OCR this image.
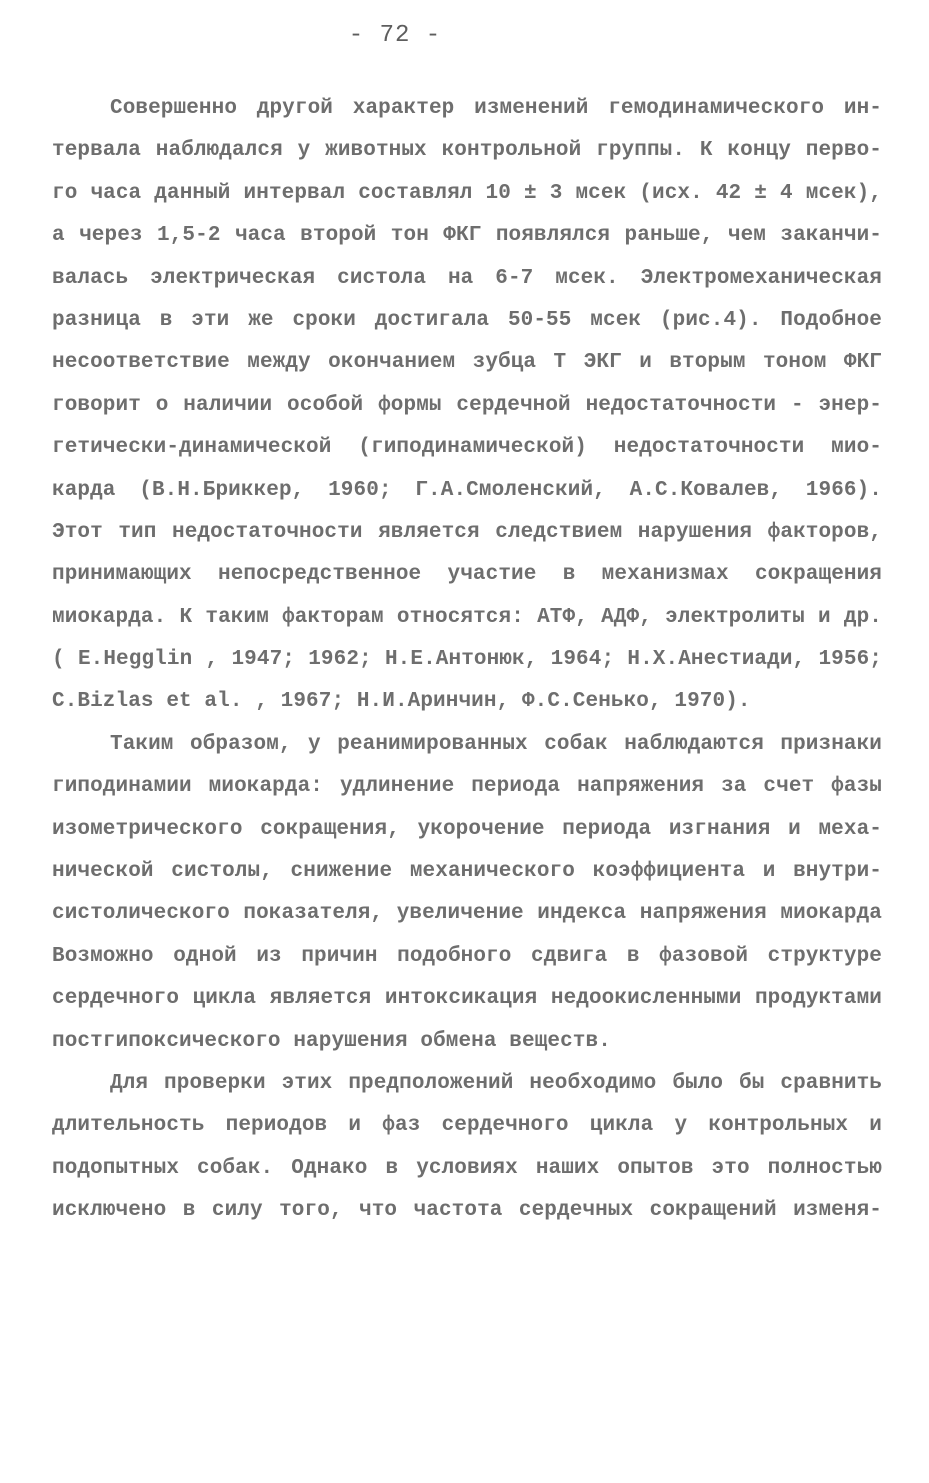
- 72 -
Совершенно другой характер изменений гемодинамического ин-
тервала наблюдался у животных контрольной группы. К концу перво-
го часа данный интервал составлял 10 ± 3 мсек (исх. 42 ± 4 мсек),
а через 1,5-2 часа второй тон ФКГ появлялся раньше, чем заканчи-
валась электрическая систола на 6-7 мсек. Электромеханическая
разница в эти же сроки достигала 50-55 мсек (рис.4). Подобное
несоответствие между окончанием зубца Т ЭКГ и вторым тоном ФКГ
говорит о наличии особой формы сердечной недостаточности - энер-
гетически-динамической (гиподинамической) недостаточности мио-
карда (В.Н.Бриккер, 1960; Г.А.Смоленский, А.С.Ковалев, 1966).
Этот тип недостаточности является следствием нарушения факторов,
принимающих непосредственное участие в механизмах сокращения
миокарда. К таким факторам относятся: АТФ, АДФ, электролиты и др.
( E.Hegglin , 1947; 1962; Н.Е.Антонюк, 1964; Н.Х.Анестиади, 1956;
С.Bizlas et al. , 1967; Н.И.Аринчин, Ф.С.Сенько, 1970).
Таким образом, у реанимированных собак наблюдаются признаки
гиподинамии миокарда: удлинение периода напряжения за счет фазы
изометрического сокращения, укорочение периода изгнания и меха-
нической систолы, снижение механического коэффициента и внутри-
систолического показателя, увеличение индекса напряжения миокарда
Возможно одной из причин подобного сдвига в фазовой структуре
сердечного цикла является интоксикация недоокисленными продуктами
постгипоксического нарушения обмена веществ.
Для проверки этих предположений необходимо было бы сравнить
длительность периодов и фаз сердечного цикла у контрольных и
подопытных собак. Однако в условиях наших опытов это полностью
исключено в силу того, что частота сердечных сокращений изменя-
